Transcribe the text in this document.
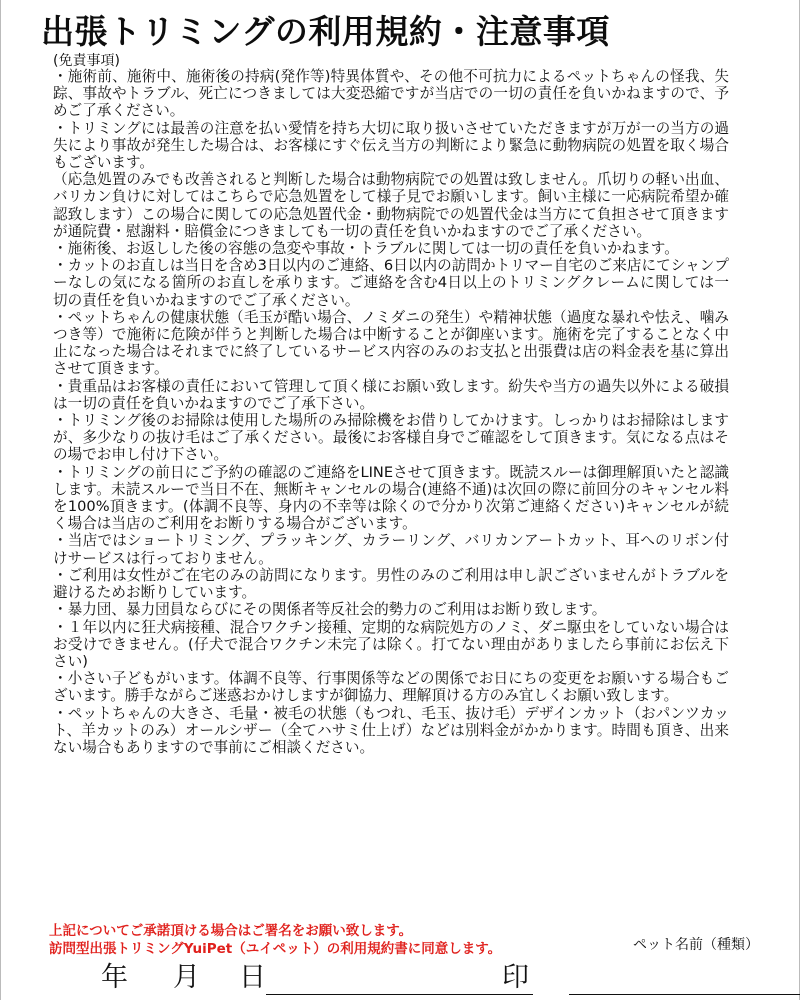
出張トリミングの利用規約・注意事項
(免責事項)
・施術前、施術中、施術後の持病(発作等)特異体質や、その他不可抗力によるペットちゃんの怪我、失踪、事故やトラブル、死亡につきましては大変恐縮ですが当店での一切の責任を負いかねますので、予めご了承ください。
・トリミングには最善の注意を払い愛情を持ち大切に取り扱いさせていただきますが万が一の当方の過失により事故が発生した場合は、お客様にすぐ伝え当方の判断により緊急に動物病院の処置を取く場合もございます。
（応急処置のみでも改善されると判断した場合は動物病院での処置は致しません。爪切りの軽い出血、バリカン負けに対してはこちらで応急処置をして様子見でお願いします。飼い主様に一応病院希望か確認致します）この場合に関しての応急処置代金・動物病院での処置代金は当方にて負担させて頂きますが通院費・慰謝料・賠償金につきましても一切の責任を負いかねますのでご了承ください。
・施術後、お返しした後の容態の急変や事故・トラブルに関しては一切の責任を負いかねます。
・カットのお直しは当日を含め3日以内のご連絡、6日以内の訪問かトリマー自宅のご来店にてシャンプーなしの気になる箇所のお直しを承ります。ご連絡を含む4日以上のトリミングクレームに関しては一切の責任を負いかねますのでご了承ください。
・ペットちゃんの健康状態（毛玉が酷い場合、ノミダニの発生）や精神状態（過度な暴れや怯え、噛みつき等）で施術に危険が伴うと判断した場合は中断することが御座います。施術を完了することなく中止になった場合はそれまでに終了しているサービス内容のみのお支払と出張費は店の料金表を基に算出させて頂きます。
・貴重品はお客様の責任において管理して頂く様にお願い致します。紛失や当方の過失以外による破損は一切の責任を負いかねますのでご了承下さい。
・トリミング後のお掃除は使用した場所のみ掃除機をお借りしてかけます。しっかりはお掃除はしますが、多少なりの抜け毛はご了承ください。最後にお客様自身でご確認をして頂きます。気になる点はその場でお申し付け下さい。
・トリミングの前日にご予約の確認のご連絡をLINEさせて頂きます。既読スルーは御理解頂いたと認識します。未読スルーで当日不在、無断キャンセルの場合(連絡不通)は次回の際に前回分のキャンセル料を100%頂きます。(体調不良等、身内の不幸等は除くので分かり次第ご連絡ください)キャンセルが続く場合は当店のご利用をお断りする場合がございます。
・当店ではショートリミング、プラッキング、カラーリング、バリカンアートカット、耳へのリボン付けサービスは行っておりません。
・ご利用は女性がご在宅のみの訪問になります。男性のみのご利用は申し訳ございませんがトラブルを避けるためお断りしています。
・暴力団、暴力団員ならびにその関係者等反社会的勢力のご利用はお断り致します。
・１年以内に狂犬病接種、混合ワクチン接種、定期的な病院処方のノミ、ダニ駆虫をしていない場合はお受けできません。(仔犬で混合ワクチン未完了は除く。打てない理由がありましたら事前にお伝え下さい)
・小さい子どもがいます。体調不良等、行事関係等などの関係でお日にちの変更をお願いする場合もございます。勝手ながらご迷惑おかけしますが御協力、理解頂ける方のみ宜しくお願い致します。
・ペットちゃんの大きさ、毛量・被毛の状態（もつれ、毛玉、抜け毛）デザインカット（おパンツカット、羊カットのみ）オールシザー（全てハサミ仕上げ）などは別料金がかかります。時間も頂き、出来ない場合もありますので事前にご相談ください。
上記についてご承諾頂ける場合はご署名をお願い致します。
訪問型出張トリミングYuiPet（ユイペット）の利用規約書に同意します。	ペット名前（種類）
年 月 日	印
